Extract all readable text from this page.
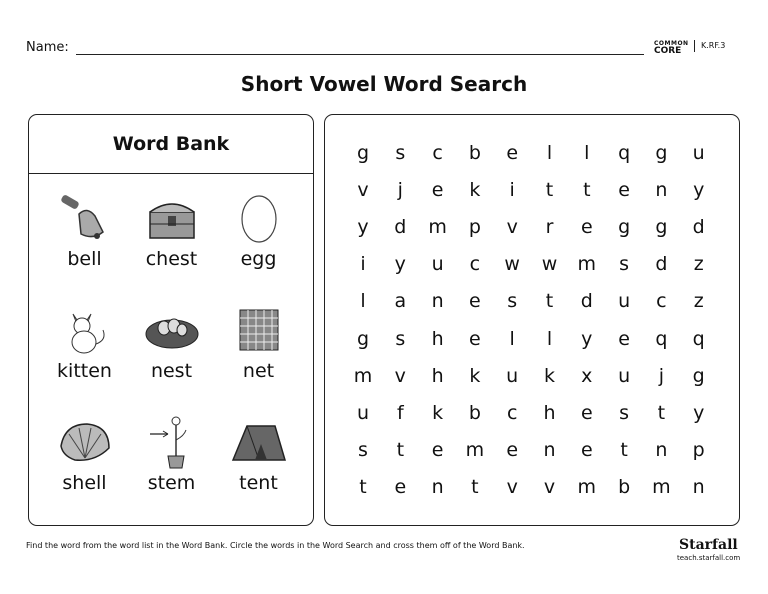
Name:	COMMON
CORE
K.RF.3
Short Vowel Word Search
Word Bank
bell	chest	egg
kitten	nest	net
shell	stem	tent
g	s	c	b	e	l	l	q	g	u
v	j	e	k	i	t	t	e	n	y
y	d	m	p	v	r	e	g	g	d
i	y	u	c	w	w	m	s	d	z
l	a	n	e	s	t	d	u	c	z
g	s	h	e	l	l	y	e	q	q
m	v	h	k	u	k	x	u	j	g
u	f	k	b	c	h	e	s	t	y
s	t	e	m	e	n	e	t	n	p
t	e	n	t	v	v	m	b	m	n
Find the word from the word list in the Word Bank. Circle the words in the Word Search and cross them off of the Word Bank.	Starfall
teach.starfall.com
